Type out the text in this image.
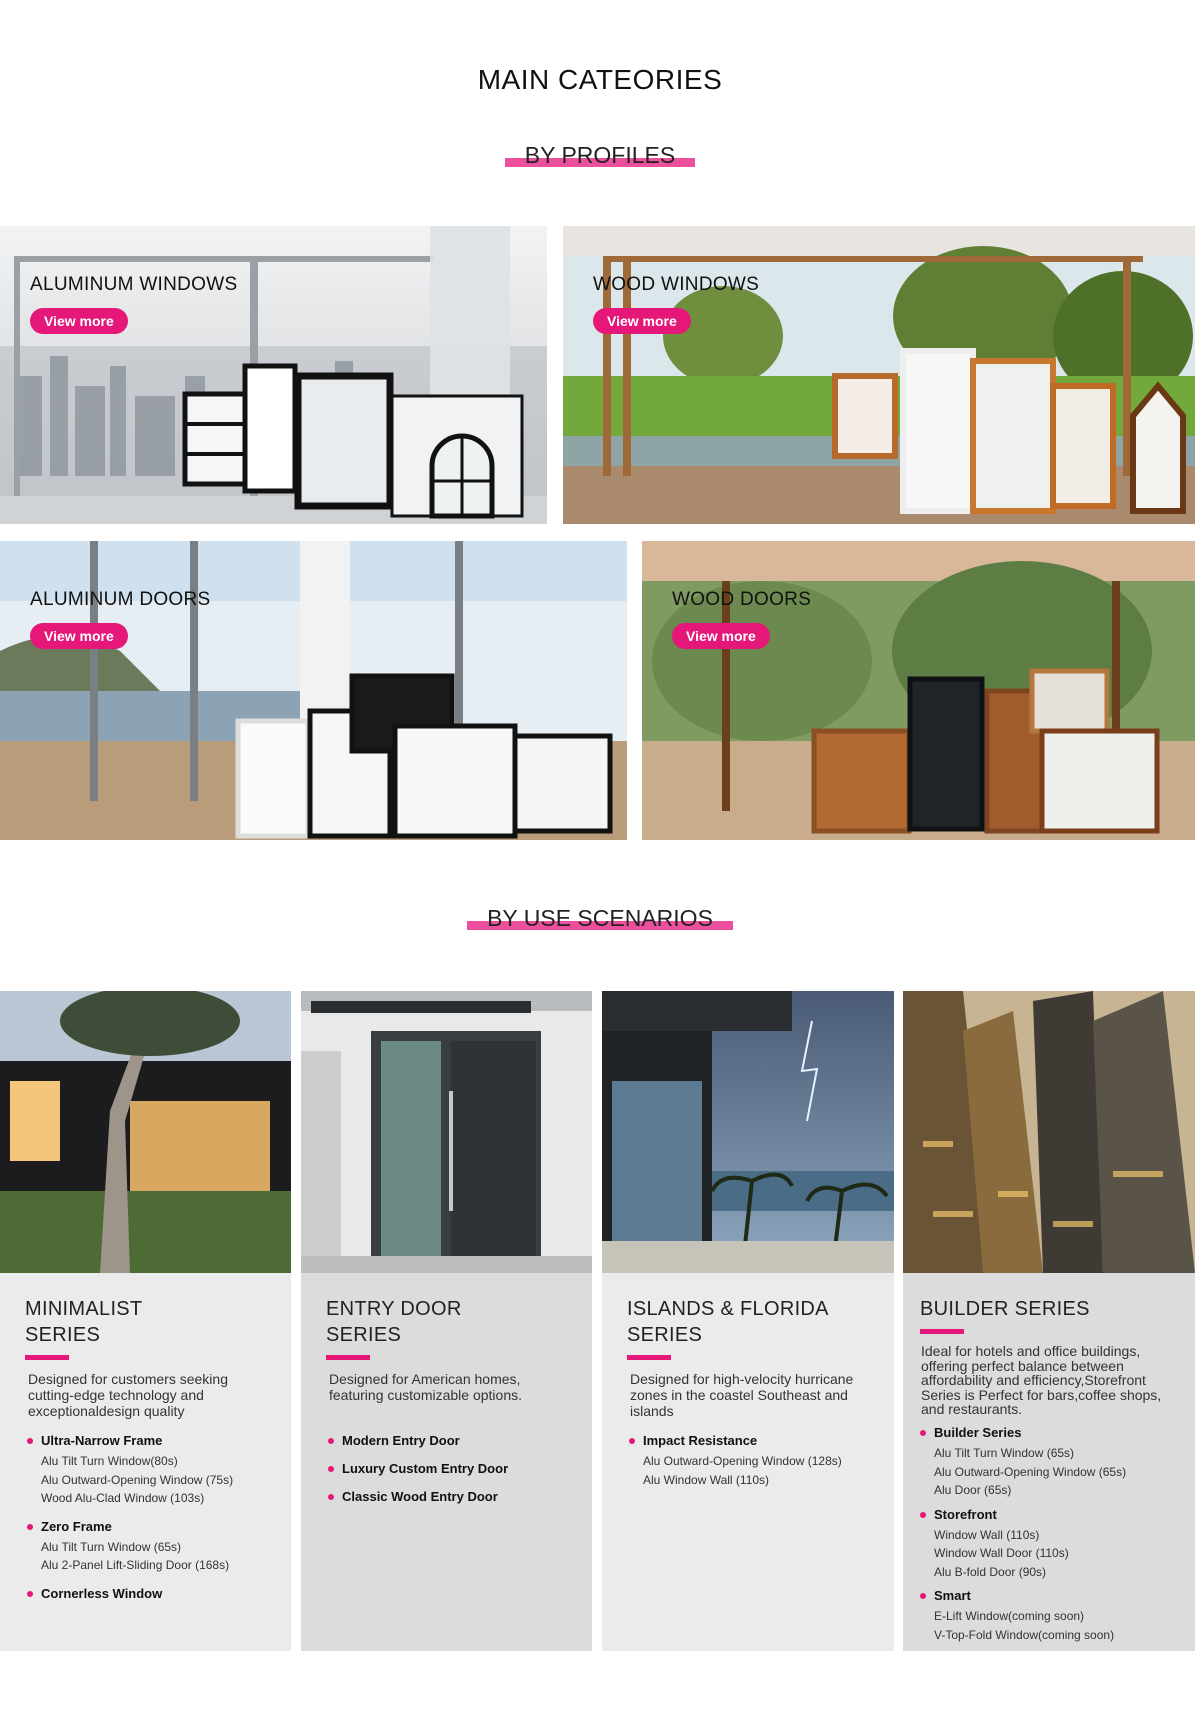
MAIN CATEORIES
BY PROFILES
ALUMINUM WINDOWS
View more
WOOD WINDOWS
View more
ALUMINUM DOORS
View more
WOOD DOORS
View more
BY USE SCENARIOS
MINIMALIST
SERIES
Designed for customers seeking cutting-edge technology and exceptionaldesign quality
Ultra-Narrow Frame
Alu Tilt Turn Window(80s)
Alu Outward-Opening Window (75s)
Wood Alu-Clad Window (103s)
Zero Frame
Alu Tilt Turn Window (65s)
Alu 2-Panel Lift-Sliding Door (168s)
Cornerless Window
ENTRY DOOR
SERIES
Designed for American homes, featuring customizable options.
Modern Entry Door
Luxury Custom Entry Door
Classic Wood Entry Door
ISLANDS & FLORIDA
SERIES
Designed for high-velocity hurricane zones in the coastel Southeast and islands
Impact Resistance
Alu Outward-Opening Window (128s)
Alu Window Wall (110s)
BUILDER SERIES
Ideal for hotels and office buildings, offering perfect balance between affordability and efficiency,Storefront Series is Perfect for bars,coffee shops, and restaurants.
Builder Series
Alu Tilt Turn Window (65s)
Alu Outward-Opening Window (65s)
Alu Door (65s)
Storefront
Window Wall (110s)
Window Wall Door (110s)
Alu B-fold Door (90s)
Smart
E-Lift Window(coming soon)
V-Top-Fold Window(coming soon)
